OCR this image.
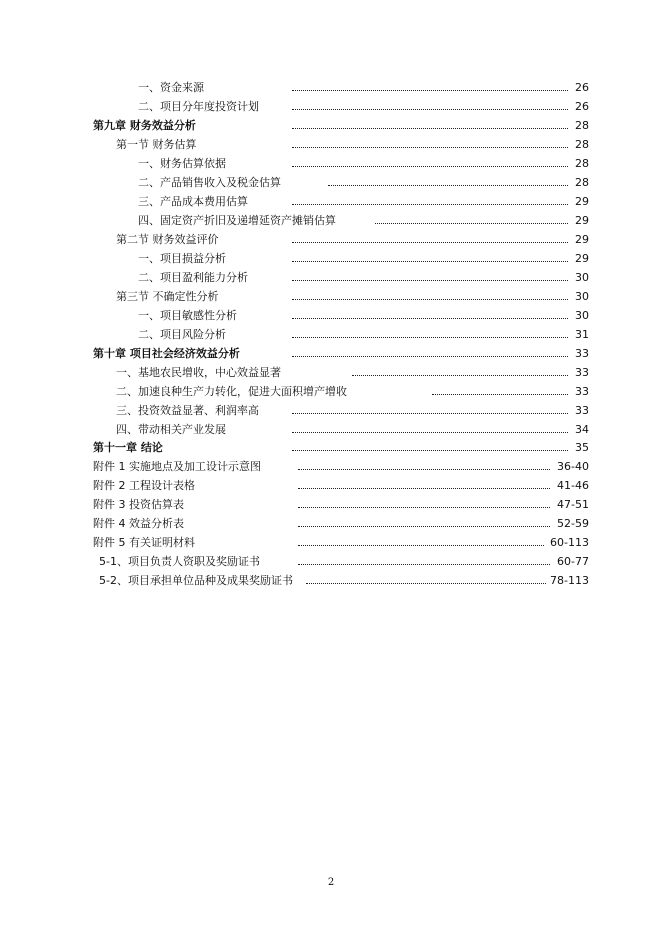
一、资金来源	26
二、项目分年度投资计划	26
第九章 财务效益分析	28
第一节 财务估算	28
一、财务估算依据	28
二、产品销售收入及税金估算	28
三、产品成本费用估算	29
四、固定资产折旧及递增延资产摊销估算	29
第二节 财务效益评价	29
一、项目损益分析	29
二、项目盈利能力分析	30
第三节 不确定性分析	30
一、项目敏感性分析	30
二、项目风险分析	31
第十章 项目社会经济效益分析	33
一、基地农民增收，中心效益显著	33
二、加速良种生产力转化，促进大面积增产增收	33
三、投资效益显著、利润率高	33
四、带动相关产业发展	34
第十一章 结论	35
附件 1 实施地点及加工设计示意图	36-40
附件 2 工程设计表格	41-46
附件 3 投资估算表	47-51
附件 4 效益分析表	52-59
附件 5 有关证明材料	60-113
5-1、项目负责人资职及奖励证书	60-77
5-2、项目承担单位品种及成果奖励证书	78-113
2
